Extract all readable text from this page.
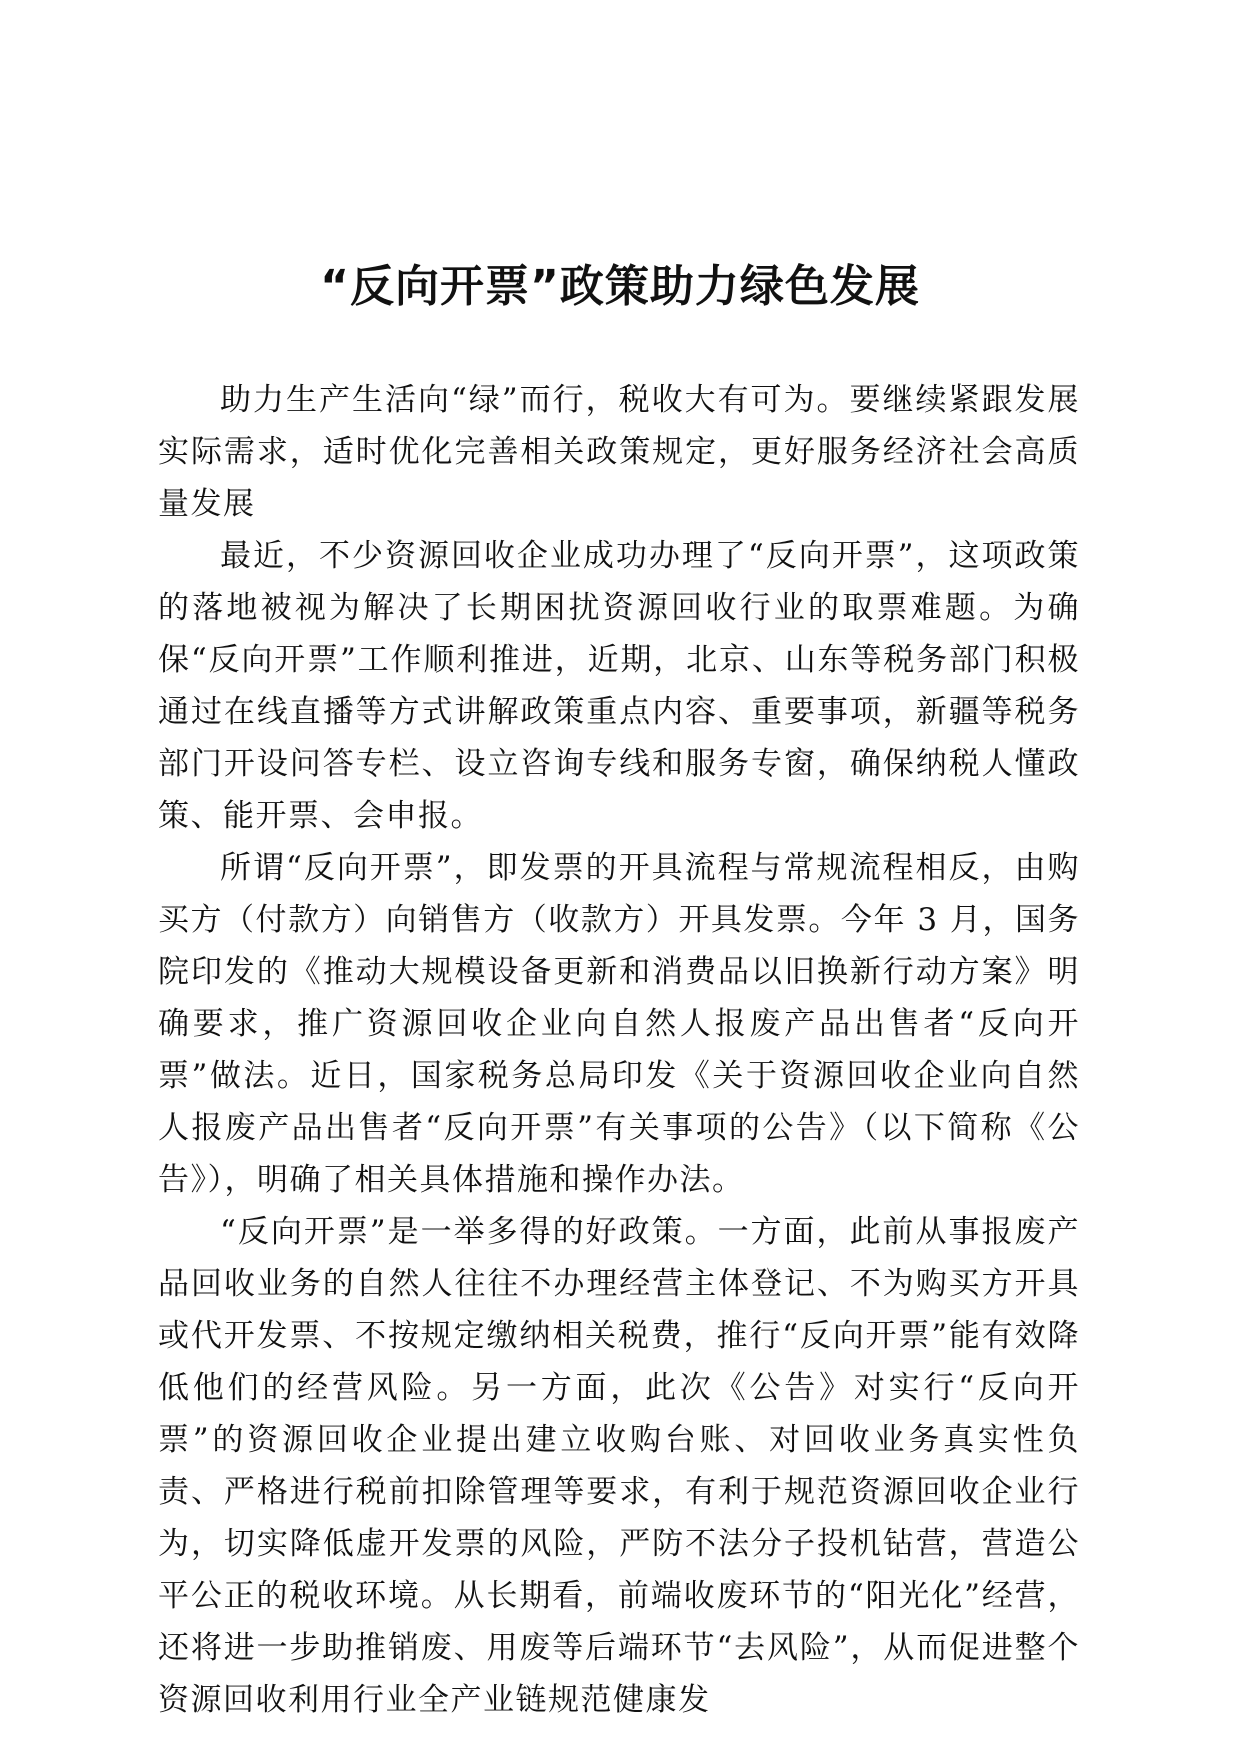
“反向开票”政策助力绿色发展

助力生产生活向“绿”而行，税收大有可为。要继续紧跟发展实际需求，适时优化完善相关政策规定，更好服务经济社会高质量发展

最近，不少资源回收企业成功办理了“反向开票”，这项政策的落地被视为解决了长期困扰资源回收行业的取票难题。为确保“反向开票”工作顺利推进，近期，北京、山东等税务部门积极通过在线直播等方式讲解政策重点内容、重要事项，新疆等税务部门开设问答专栏、设立咨询专线和服务专窗，确保纳税人懂政策、能开票、会申报。

所谓“反向开票”，即发票的开具流程与常规流程相反，由购买方（付款方）向销售方（收款方）开具发票。今年 3 月，国务院印发的《推动大规模设备更新和消费品以旧换新行动方案》明确要求，推广资源回收企业向自然人报废产品出售者“反向开票”做法。近日，国家税务总局印发《关于资源回收企业向自然人报废产品出售者“反向开票”有关事项的公告》（以下简称《公告》），明确了相关具体措施和操作办法。

“反向开票”是一举多得的好政策。一方面，此前从事报废产品回收业务的自然人往往不办理经营主体登记、不为购买方开具或代开发票、不按规定缴纳相关税费，推行“反向开票”能有效降低他们的经营风险。另一方面，此次《公告》对实行“反向开票”的资源回收企业提出建立收购台账、对回收业务真实性负责、严格进行税前扣除管理等要求，有利于规范资源回收企业行为，切实降低虚开发票的风险，严防不法分子投机钻营，营造公平公正的税收环境。从长期看，前端收废环节的“阳光化”经营，还将进一步助推销废、用废等后端环节“去风险”，从而促进整个资源回收利用行业全产业链规范健康发
